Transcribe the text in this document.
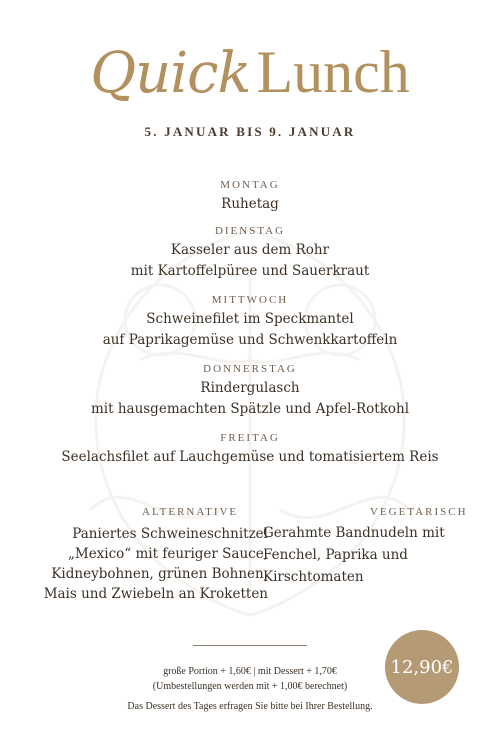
Quick Lunch
5. JANUAR BIS 9. JANUAR
MONTAG
Ruhetag
DIENSTAG
Kasseler aus dem Rohr
mit Kartoffelpüree und Sauerkraut
MITTWOCH
Schweinefilet im Speckmantel
auf Paprikagemüse und Schwenkkartoffeln
DONNERSTAG
Rindergulasch
mit hausgemachten Spätzle und Apfel-Rotkohl
FREITAG
Seelachsfilet auf Lauchgemüse und tomatisiertem Reis
ALTERNATIVE	VEGETARISCH
Paniertes Schweineschnitzel
„Mexico“ mit feuriger Sauce,
Kidneybohnen, grünen Bohnen,
Mais und Zwiebeln an Kroketten
Gerahmte Bandnudeln mit
Fenchel, Paprika und
Kirschtomaten
große Portion + 1,60€ | mit Dessert + 1,70€
(Umbestellungen werden mit + 1,00€ berechnet)
Das Dessert des Tages erfragen Sie bitte bei Ihrer Bestellung.
12,90€
